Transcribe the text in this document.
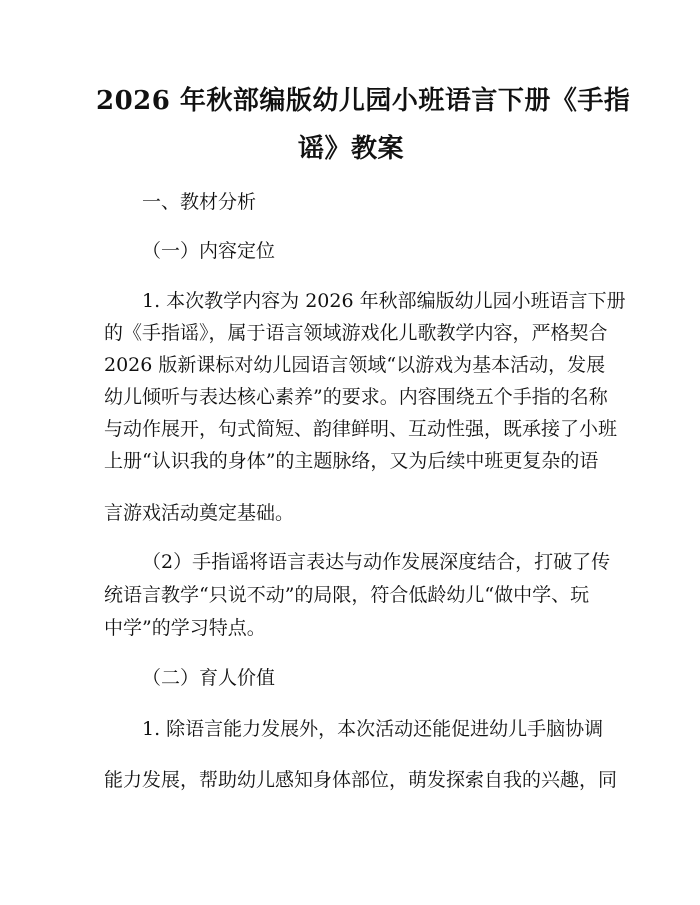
2026 年秋部编版幼儿园小班语言下册《手指
谣》教案

一、教材分析

（一）内容定位

1. 本次教学内容为 2026 年秋部编版幼儿园小班语言下册

的《手指谣》，属于语言领域游戏化儿歌教学内容，严格契合

2026 版新课标对幼儿园语言领域“以游戏为基本活动，发展

幼儿倾听与表达核心素养”的要求。内容围绕五个手指的名称

与动作展开，句式简短、韵律鲜明、互动性强，既承接了小班

上册“认识我的身体”的主题脉络，又为后续中班更复杂的语

言游戏活动奠定基础。

（2）手指谣将语言表达与动作发展深度结合，打破了传

统语言教学“只说不动”的局限，符合低龄幼儿“做中学、玩

中学”的学习特点。

（二）育人价值

1. 除语言能力发展外，本次活动还能促进幼儿手脑协调

能力发展，帮助幼儿感知身体部位，萌发探索自我的兴趣，同
